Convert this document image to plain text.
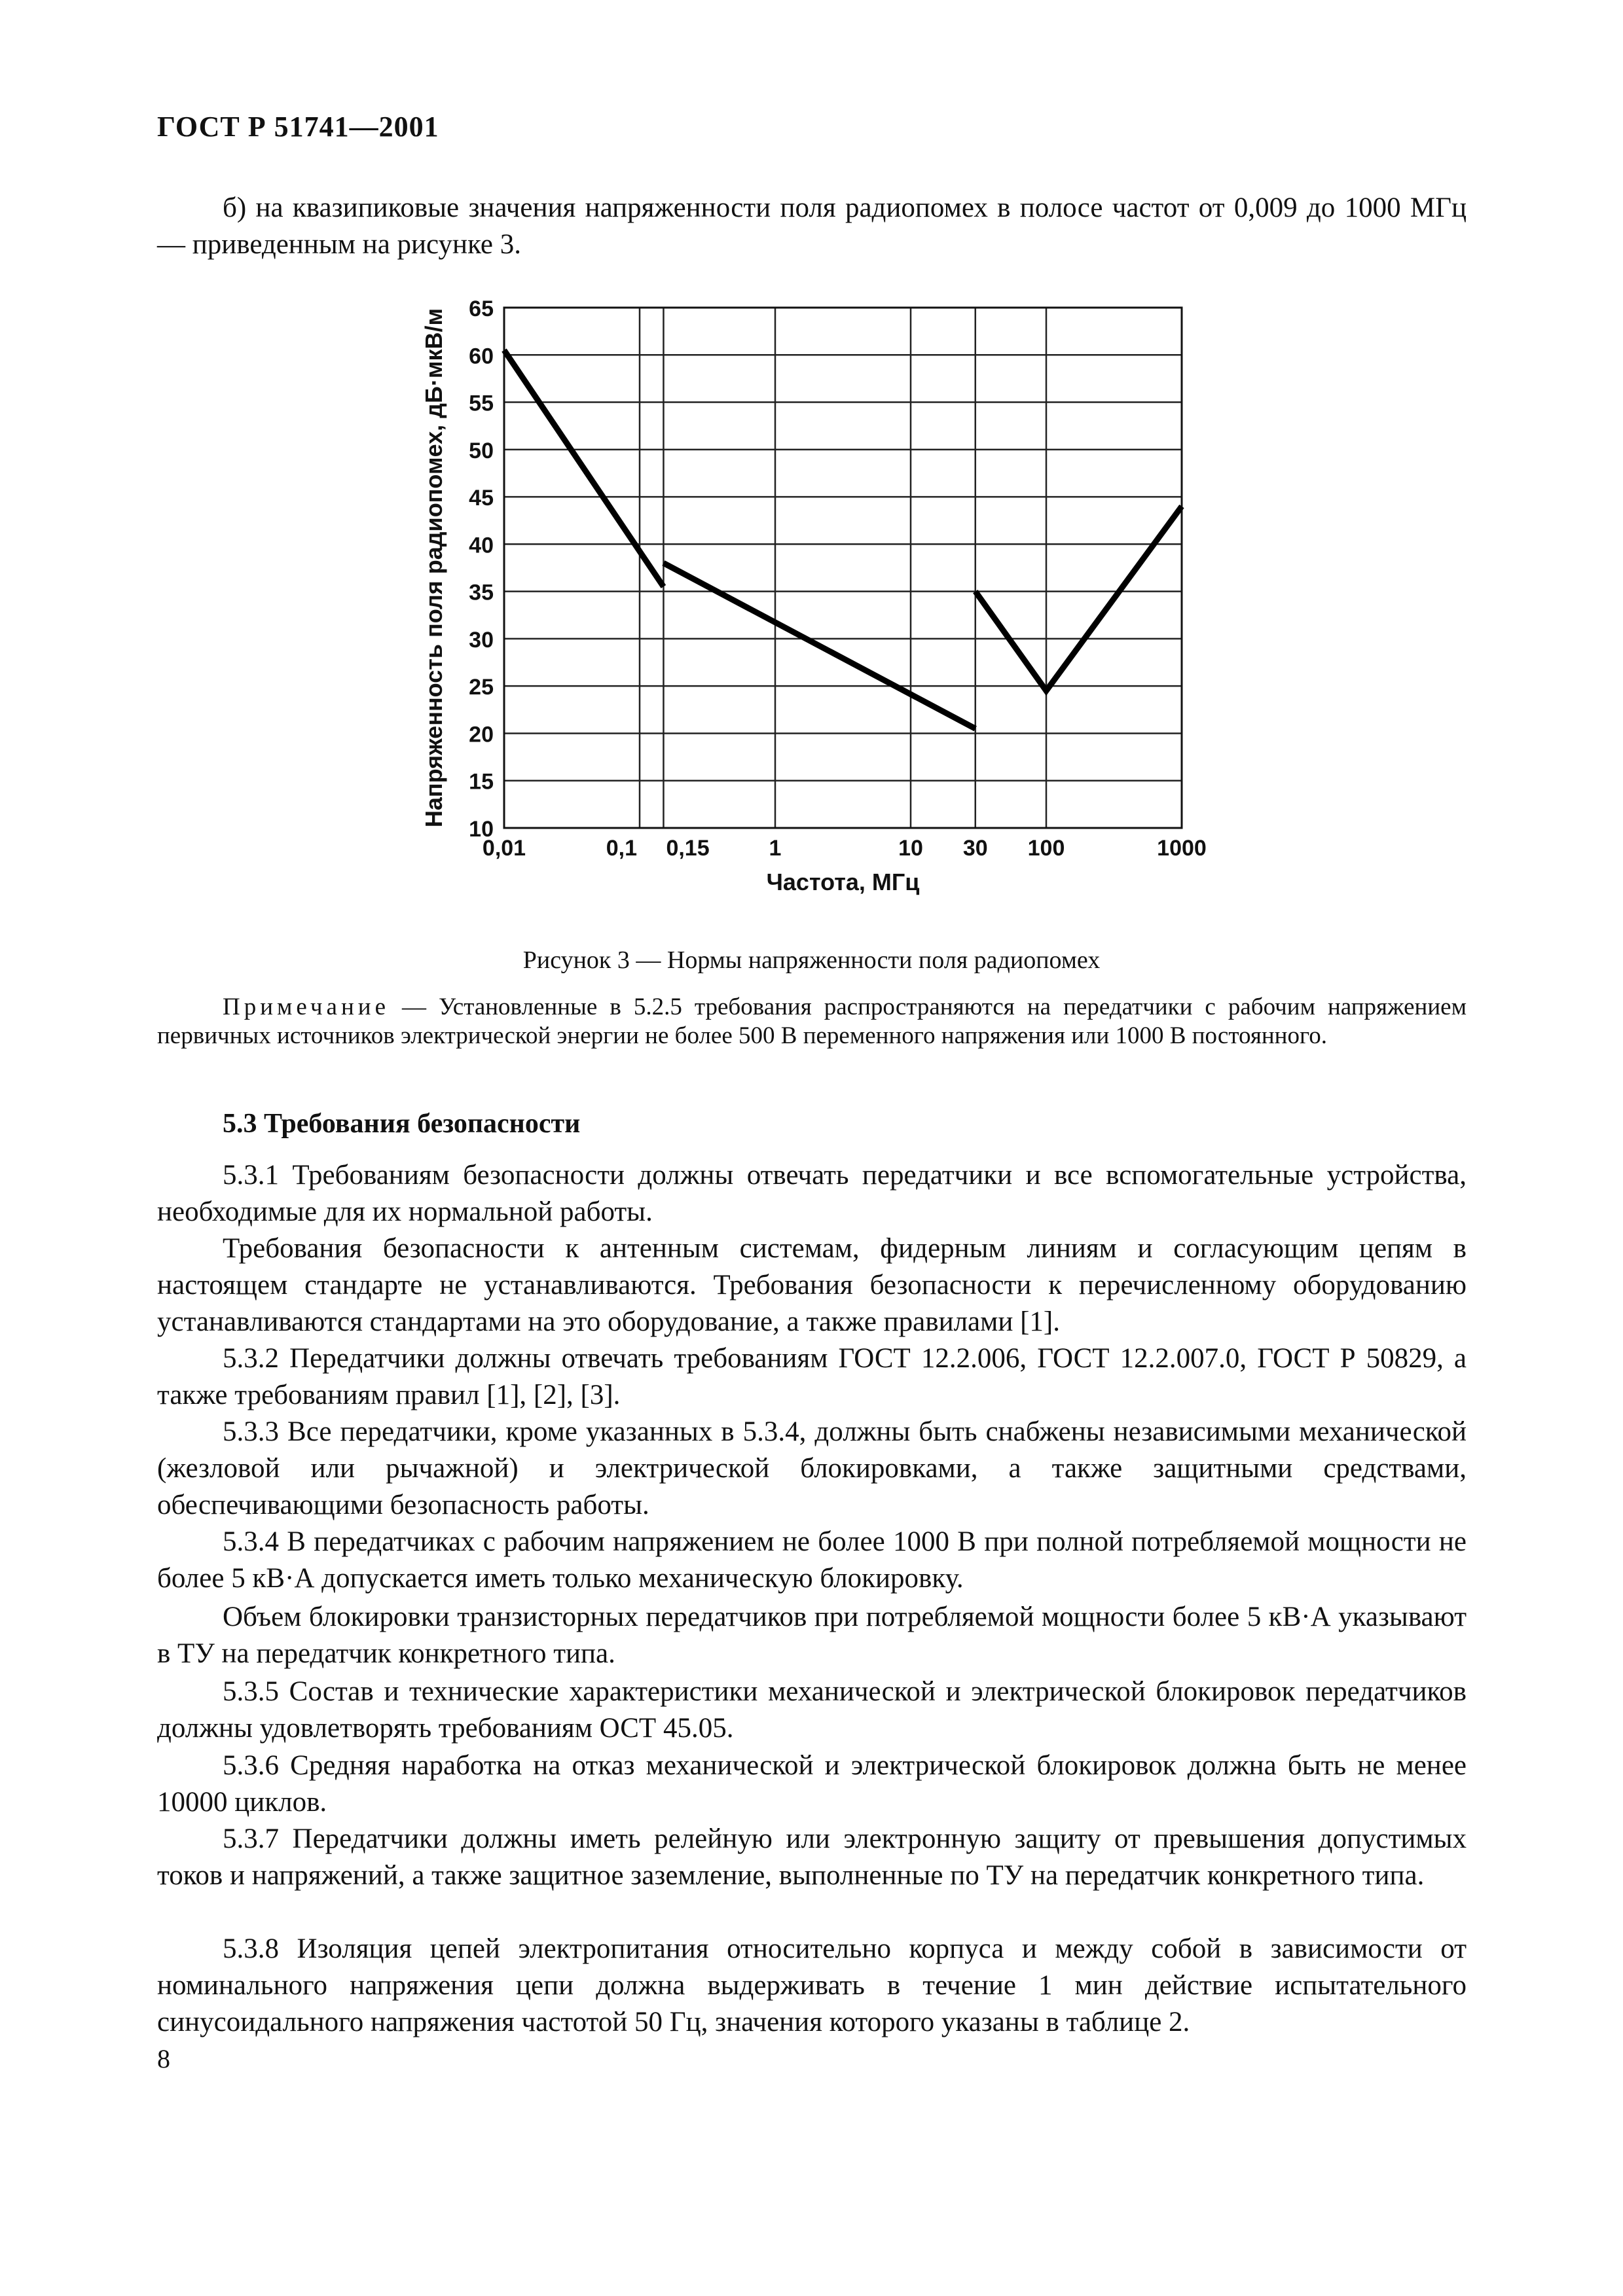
ГОСТ Р 51741—2001
б) на квазипиковые значения напряженности поля радиопомех в полосе частот от 0,009 до 1000 МГц — приведенным на рисунке 3.
10
15
20
25
30
35
40
45
50
55
60
65
0,01	0,1 0,15	1	10 30 100	1000
Частота, МГц
Напряженность поля радиопомех, дБ·мкВ/м
Рисунок 3 — Нормы напряженности поля радиопомех
Примечание — Установленные в 5.2.5 требования распространяются на передатчики с рабочим напряжением первичных источников электрической энергии не более 500 В переменного напряжения или 1000 В постоянного.
5.3 Требования безопасности
5.3.1 Требованиям безопасности должны отвечать передатчики и все вспомогательные устройства, необходимые для их нормальной работы.
Требования безопасности к антенным системам, фидерным линиям и согласующим цепям в настоящем стандарте не устанавливаются. Требования безопасности к перечисленному оборудованию устанавливаются стандартами на это оборудование, а также правилами [1].
5.3.2 Передатчики должны отвечать требованиям ГОСТ 12.2.006, ГОСТ 12.2.007.0, ГОСТ Р 50829, а также требованиям правил [1], [2], [3].
5.3.3 Все передатчики, кроме указанных в 5.3.4, должны быть снабжены независимыми механической (жезловой или рычажной) и электрической блокировками, а также защитными средствами, обеспечивающими безопасность работы.
5.3.4 В передатчиках с рабочим напряжением не более 1000 В при полной потребляемой мощности не более 5 кВ·А допускается иметь только механическую блокировку.
Объем блокировки транзисторных передатчиков при потребляемой мощности более 5 кВ·А указывают в ТУ на передатчик конкретного типа.
5.3.5 Состав и технические характеристики механической и электрической блокировок передатчиков должны удовлетворять требованиям ОСТ 45.05.
5.3.6 Средняя наработка на отказ механической и электрической блокировок должна быть не менее 10000 циклов.
5.3.7 Передатчики должны иметь релейную или электронную защиту от превышения допустимых токов и напряжений, а также защитное заземление, выполненные по ТУ на передатчик конкретного типа.
5.3.8 Изоляция цепей электропитания относительно корпуса и между собой в зависимости от номинального напряжения цепи должна выдерживать в течение 1 мин действие испытательного синусоидального напряжения частотой 50 Гц, значения которого указаны в таблице 2.
8
